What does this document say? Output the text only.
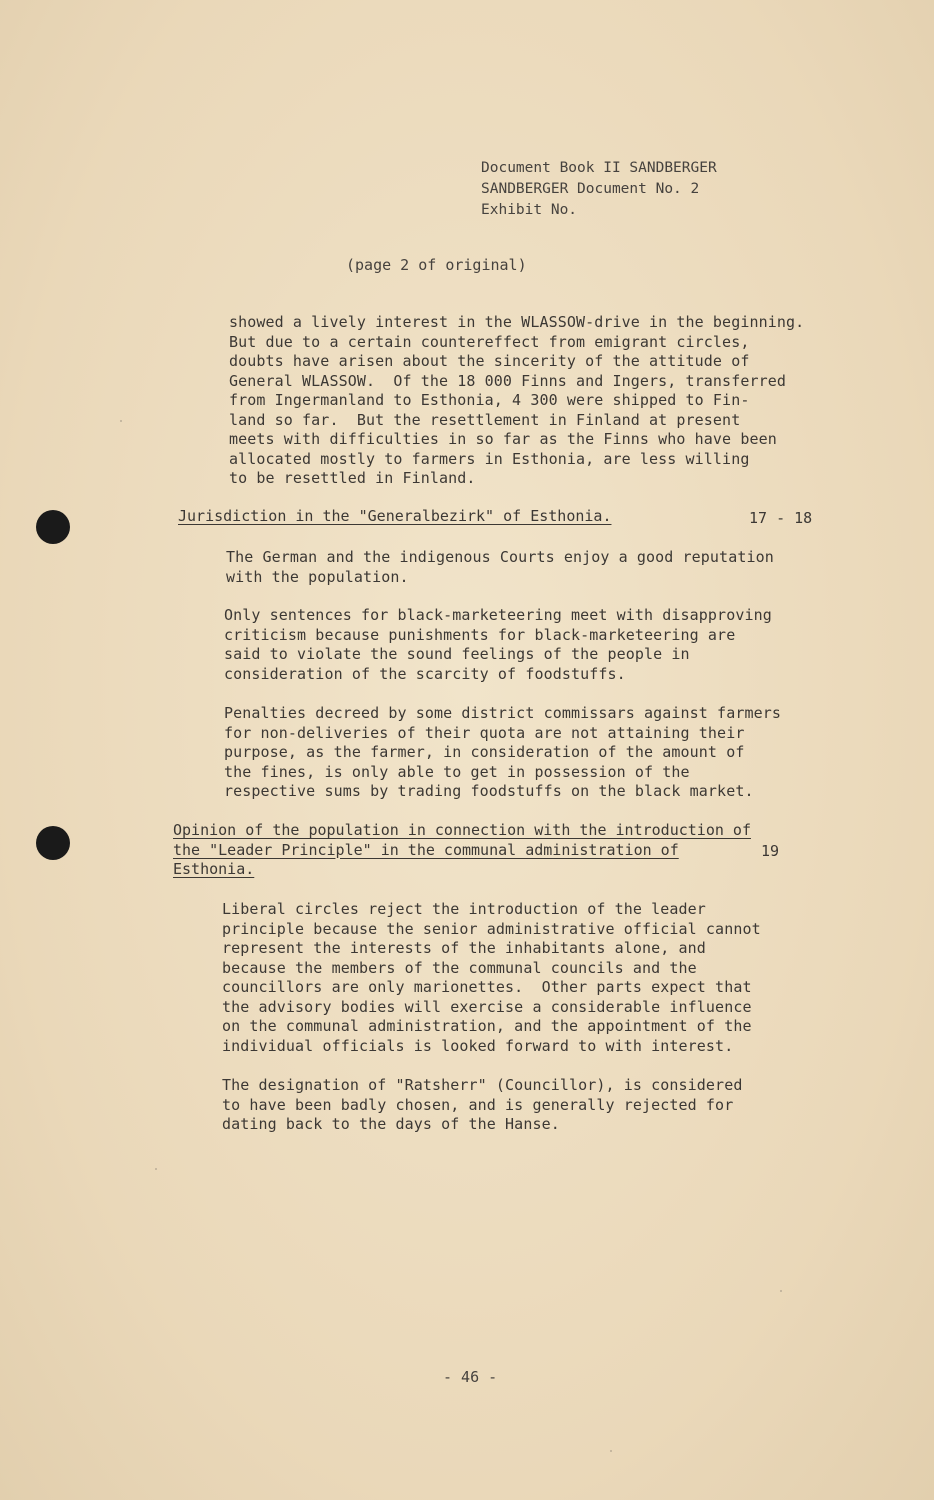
Document Book II SANDBERGER
SANDBERGER Document No. 2
Exhibit No.
(page 2 of original)
showed a lively interest in the WLASSOW-drive in the beginning.
But due to a certain countereffect from emigrant circles,
doubts have arisen about the sincerity of the attitude of
General WLASSOW.  Of the 18 000 Finns and Ingers, transferred
from Ingermanland to Esthonia, 4 300 were shipped to Fin-
land so far.  But the resettlement in Finland at present
meets with difficulties in so far as the Finns who have been
allocated mostly to farmers in Esthonia, are less willing
to be resettled in Finland.
Jurisdiction in the "Generalbezirk" of Esthonia.	17 - 18
The German and the indigenous Courts enjoy a good reputation
with the population.
Only sentences for black-marketeering meet with disapproving
criticism because punishments for black-marketeering are
said to violate the sound feelings of the people in
consideration of the scarcity of foodstuffs.
Penalties decreed by some district commissars against farmers
for non-deliveries of their quota are not attaining their
purpose, as the farmer, in consideration of the amount of
the fines, is only able to get in possession of the
respective sums by trading foodstuffs on the black market.
Opinion of the population in connection with the introduction of
the "Leader Principle" in the communal administration of
Esthonia.
19
Liberal circles reject the introduction of the leader
principle because the senior administrative official cannot
represent the interests of the inhabitants alone, and
because the members of the communal councils and the
councillors are only marionettes.  Other parts expect that
the advisory bodies will exercise a considerable influence
on the communal administration, and the appointment of the
individual officials is looked forward to with interest.
The designation of "Ratsherr" (Councillor), is considered
to have been badly chosen, and is generally rejected for
dating back to the days of the Hanse.
- 46 -
